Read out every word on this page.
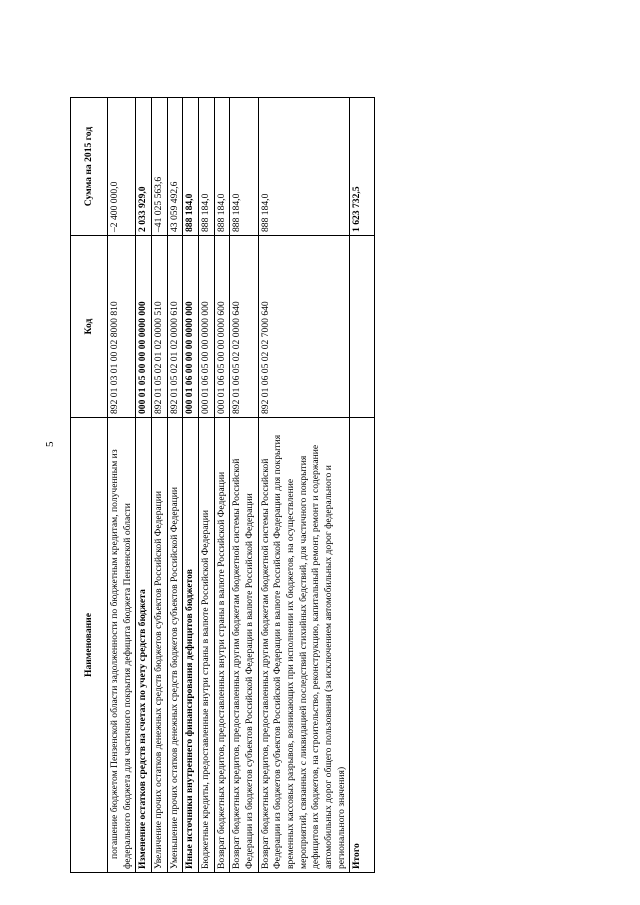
5
Наименование	Код	Сумма на 2015 год
погашение бюджетом Пензенской области задолженности по бюджетным кредитам, полученным из федерального бюджета для частичного покрытия дефицита бюджета Пензенской области	892 01 03 01 00 02 8000 810	–2 400 000,0
Изменение остатков средств на счетах по учету средств бюджета	000 01 05 00 00 00 0000 000	2 033 929,0
Увеличение прочих остатков денежных средств бюджетов субъектов Российской Федерации	892 01 05 02 01 02 0000 510	–41 025 563,6
Уменьшение прочих остатков денежных средств бюджетов субъектов Российской Федерации	892 01 05 02 01 02 0000 610	43 059 492,6
Иные источники внутреннего финансирования дефицитов бюджетов	000 01 06 00 00 00 0000 000	888 184,0
Бюджетные кредиты, предоставленные внутри страны в валюте Российской Федерации	000 01 06 05 00 00 0000 000	888 184,0
Возврат бюджетных кредитов, предоставленных внутри страны в валюте Российской Федерации	000 01 06 05 00 00 0000 600	888 184,0
Возврат бюджетных кредитов, предоставленных другим бюджетам бюджетной системы Российской Федерации из бюджетов субъектов Российской Федерации в валюте Российской Федерации	892 01 06 05 02 02 0000 640	888 184,0
Возврат бюджетных кредитов, предоставленных другим бюджетам бюджетной системы Российской Федерации из бюджетов субъектов Российской Федерации в валюте Российской Федерации для покрытия временных кассовых разрывов, возникающих при исполнении их бюджетов, на осуществление мероприятий, связанных с ликвидацией последствий стихийных бедствий, для частичного покрытия дефицитов их бюджетов, на строительство, реконструкцию, капитальный ремонт, ремонт и содержание автомобильных дорог общего пользования (за исключением автомобильных дорог федерального и регионального значения)	892 01 06 05 02 02 7000 640	888 184,0
Итого		1 623 732,5
